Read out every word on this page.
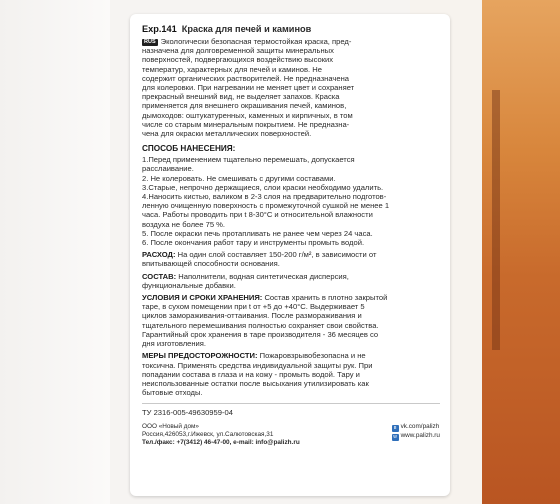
Exp.141 Краска для печей и каминов
RUS Экологически безопасная термостойкая краска, пред-
назначена для долговременной защиты минеральных
поверхностей, подвергающихся воздействию высоких
температур, характерных для печей и каминов. Не
содержит органических растворителей. Не предназначена
для колеровки. При нагревании не меняет цвет и сохраняет
прекрасный внешний вид, не выделяет запахов. Краска
применяется для внешнего окрашивания печей, каминов,
дымоходов: оштукатуренных, каменных и кирпичных, в том
числе со старым минеральным покрытием. Не предназна-
чена для окраски металлических поверхностей.
СПОСОБ НАНЕСЕНИЯ:
1.Перед применением тщательно перемешать, допускается
расслаивание.
2. Не колеровать. Не смешивать с другими составами.
3.Старые, непрочно держащиеся, слои краски необходимо удалить.
4.Наносить кистью, валиком в 2-3 слоя на предварительно подготов-
ленную очищенную поверхность с промежуточной сушкой не менее 1
часа. Работы проводить при t 8-30°С и относительной влажности
воздуха не более 75 %.
5. После окраски печь протапливать не ранее чем через 24 часа.
6. После окончания работ тару и инструменты промыть водой.
РАСХОД: На один слой составляет 150-200 г/м², в зависимости от
впитывающей способности основания.
СОСТАВ: Наполнители, водная синтетическая дисперсия,
функциональные добавки.
УСЛОВИЯ И СРОКИ ХРАНЕНИЯ: Состав хранить в плотно закрытой
таре, в сухом помещении при t от +5 до +40°С. Выдерживает 5
циклов замораживания-оттаивания. После размораживания и
тщательного перемешивания полностью сохраняет свои свойства.
Гарантийный срок хранения в таре производителя - 36 месяцев со
дня изготовления.
МЕРЫ ПРЕДОСТОРОЖНОСТИ: Пожаровзрывобезопасна и не
токсична. Применять средства индивидуальной защиты рук. При
попадании состава в глаза и на кожу - промыть водой. Тару и
неиспользованные остатки после высыхания утилизировать как
бытовые отходы.
ТУ 2316-005-49630959-04
ООО «Новый дом»
Россия,426053,г.Ижевск, ул.Салютовская,31
Тел./факс: +7(3412) 46-47-00, e-mail: info@palizh.ru
в vk.com/palizh
w www.palizh.ru
